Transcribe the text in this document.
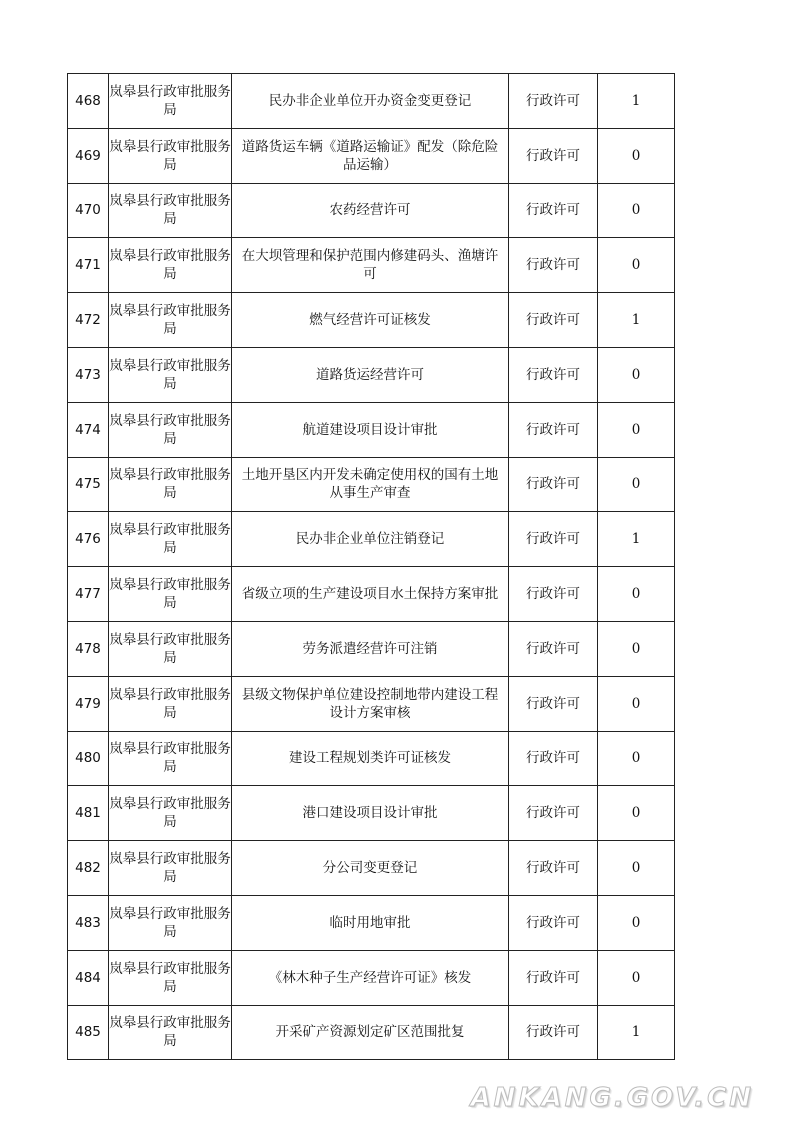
468	岚皋县行政审批服务局	民办非企业单位开办资金变更登记	行政许可	1
469	岚皋县行政审批服务局	道路货运车辆《道路运输证》配发（除危险品运输）	行政许可	0
470	岚皋县行政审批服务局	农药经营许可	行政许可	0
471	岚皋县行政审批服务局	在大坝管理和保护范围内修建码头、渔塘许可	行政许可	0
472	岚皋县行政审批服务局	燃气经营许可证核发	行政许可	1
473	岚皋县行政审批服务局	道路货运经营许可	行政许可	0
474	岚皋县行政审批服务局	航道建设项目设计审批	行政许可	0
475	岚皋县行政审批服务局	土地开垦区内开发未确定使用权的国有土地从事生产审查	行政许可	0
476	岚皋县行政审批服务局	民办非企业单位注销登记	行政许可	1
477	岚皋县行政审批服务局	省级立项的生产建设项目水土保持方案审批	行政许可	0
478	岚皋县行政审批服务局	劳务派遣经营许可注销	行政许可	0
479	岚皋县行政审批服务局	县级文物保护单位建设控制地带内建设工程设计方案审核	行政许可	0
480	岚皋县行政审批服务局	建设工程规划类许可证核发	行政许可	0
481	岚皋县行政审批服务局	港口建设项目设计审批	行政许可	0
482	岚皋县行政审批服务局	分公司变更登记	行政许可	0
483	岚皋县行政审批服务局	临时用地审批	行政许可	0
484	岚皋县行政审批服务局	《林木种子生产经营许可证》核发	行政许可	0
485	岚皋县行政审批服务局	开采矿产资源划定矿区范围批复	行政许可	1
ANKANG.GOV.CN
